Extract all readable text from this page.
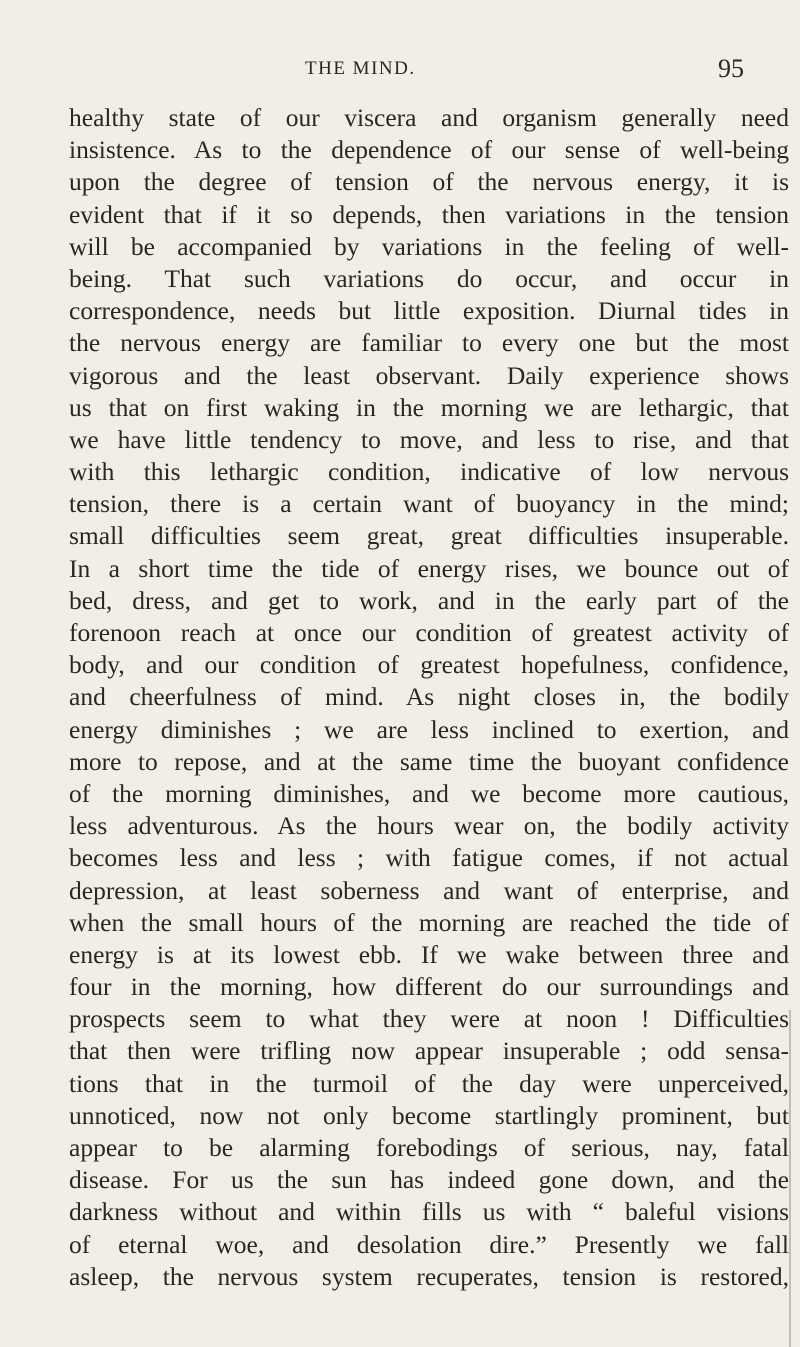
THE MIND.	95
healthy state of our viscera and organism generally need
insistence. As to the dependence of our sense of well-being
upon the degree of tension of the nervous energy, it is
evident that if it so depends, then variations in the tension
will be accompanied by variations in the feeling of well-
being. That such variations do occur, and occur in
correspondence, needs but little exposition. Diurnal tides in
the nervous energy are familiar to every one but the most
vigorous and the least observant. Daily experience shows
us that on first waking in the morning we are lethargic, that
we have little tendency to move, and less to rise, and that
with this lethargic condition, indicative of low nervous
tension, there is a certain want of buoyancy in the mind;
small difficulties seem great, great difficulties insuperable.
In a short time the tide of energy rises, we bounce out of
bed, dress, and get to work, and in the early part of the
forenoon reach at once our condition of greatest activity of
body, and our condition of greatest hopefulness, confidence,
and cheerfulness of mind. As night closes in, the bodily
energy diminishes ; we are less inclined to exertion, and
more to repose, and at the same time the buoyant confidence
of the morning diminishes, and we become more cautious,
less adventurous. As the hours wear on, the bodily activity
becomes less and less ; with fatigue comes, if not actual
depression, at least soberness and want of enterprise, and
when the small hours of the morning are reached the tide of
energy is at its lowest ebb. If we wake between three and
four in the morning, how different do our surroundings and
prospects seem to what they were at noon ! Difficulties
that then were trifling now appear insuperable ; odd sensa-
tions that in the turmoil of the day were unperceived,
unnoticed, now not only become startlingly prominent, but
appear to be alarming forebodings of serious, nay, fatal
disease. For us the sun has indeed gone down, and the
darkness without and within fills us with “ baleful visions
of eternal woe, and desolation dire.” Presently we fall
asleep, the nervous system recuperates, tension is restored,
